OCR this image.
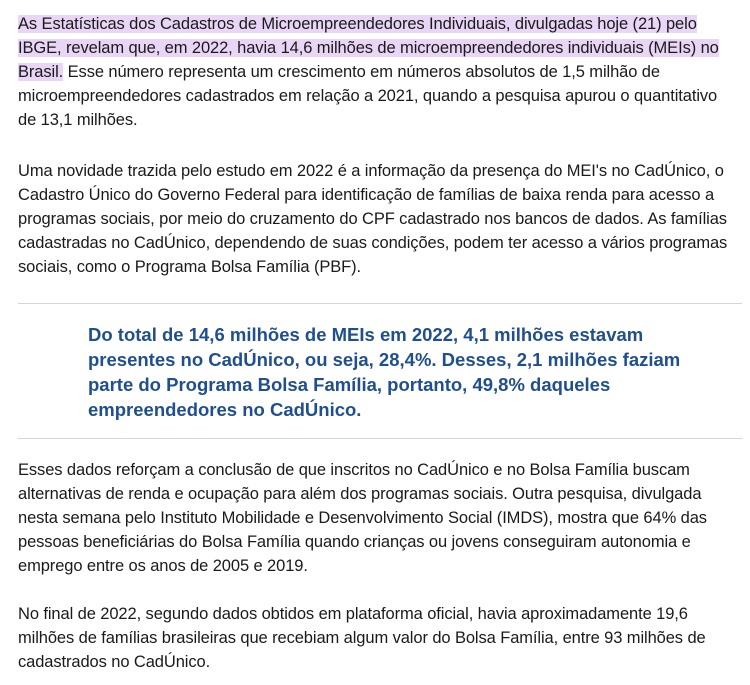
As Estatísticas dos Cadastros de Microempreendedores Individuais, divulgadas hoje (21) pelo IBGE, revelam que, em 2022, havia 14,6 milhões de microempreendedores individuais (MEIs) no Brasil. Esse número representa um crescimento em números absolutos de 1,5 milhão de microempreendedores cadastrados em relação a 2021, quando a pesquisa apurou o quantitativo de 13,1 milhões.

Uma novidade trazida pelo estudo em 2022 é a informação da presença do MEI's no CadÚnico, o Cadastro Único do Governo Federal para identificação de famílias de baixa renda para acesso a programas sociais, por meio do cruzamento do CPF cadastrado nos bancos de dados. As famílias cadastradas no CadÚnico, dependendo de suas condições, podem ter acesso a vários programas sociais, como o Programa Bolsa Família (PBF).

Do total de 14,6 milhões de MEIs em 2022, 4,1 milhões estavam presentes no CadÚnico, ou seja, 28,4%. Desses, 2,1 milhões faziam parte do Programa Bolsa Família, portanto, 49,8% daqueles empreendedores no CadÚnico.

Esses dados reforçam a conclusão de que inscritos no CadÚnico e no Bolsa Família buscam alternativas de renda e ocupação para além dos programas sociais. Outra pesquisa, divulgada nesta semana pelo Instituto Mobilidade e Desenvolvimento Social (IMDS), mostra que 64% das pessoas beneficiárias do Bolsa Família quando crianças ou jovens conseguiram autonomia e emprego entre os anos de 2005 e 2019.

No final de 2022, segundo dados obtidos em plataforma oficial, havia aproximadamente 19,6 milhões de famílias brasileiras que recebiam algum valor do Bolsa Família, entre 93 milhões de cadastrados no CadÚnico.
